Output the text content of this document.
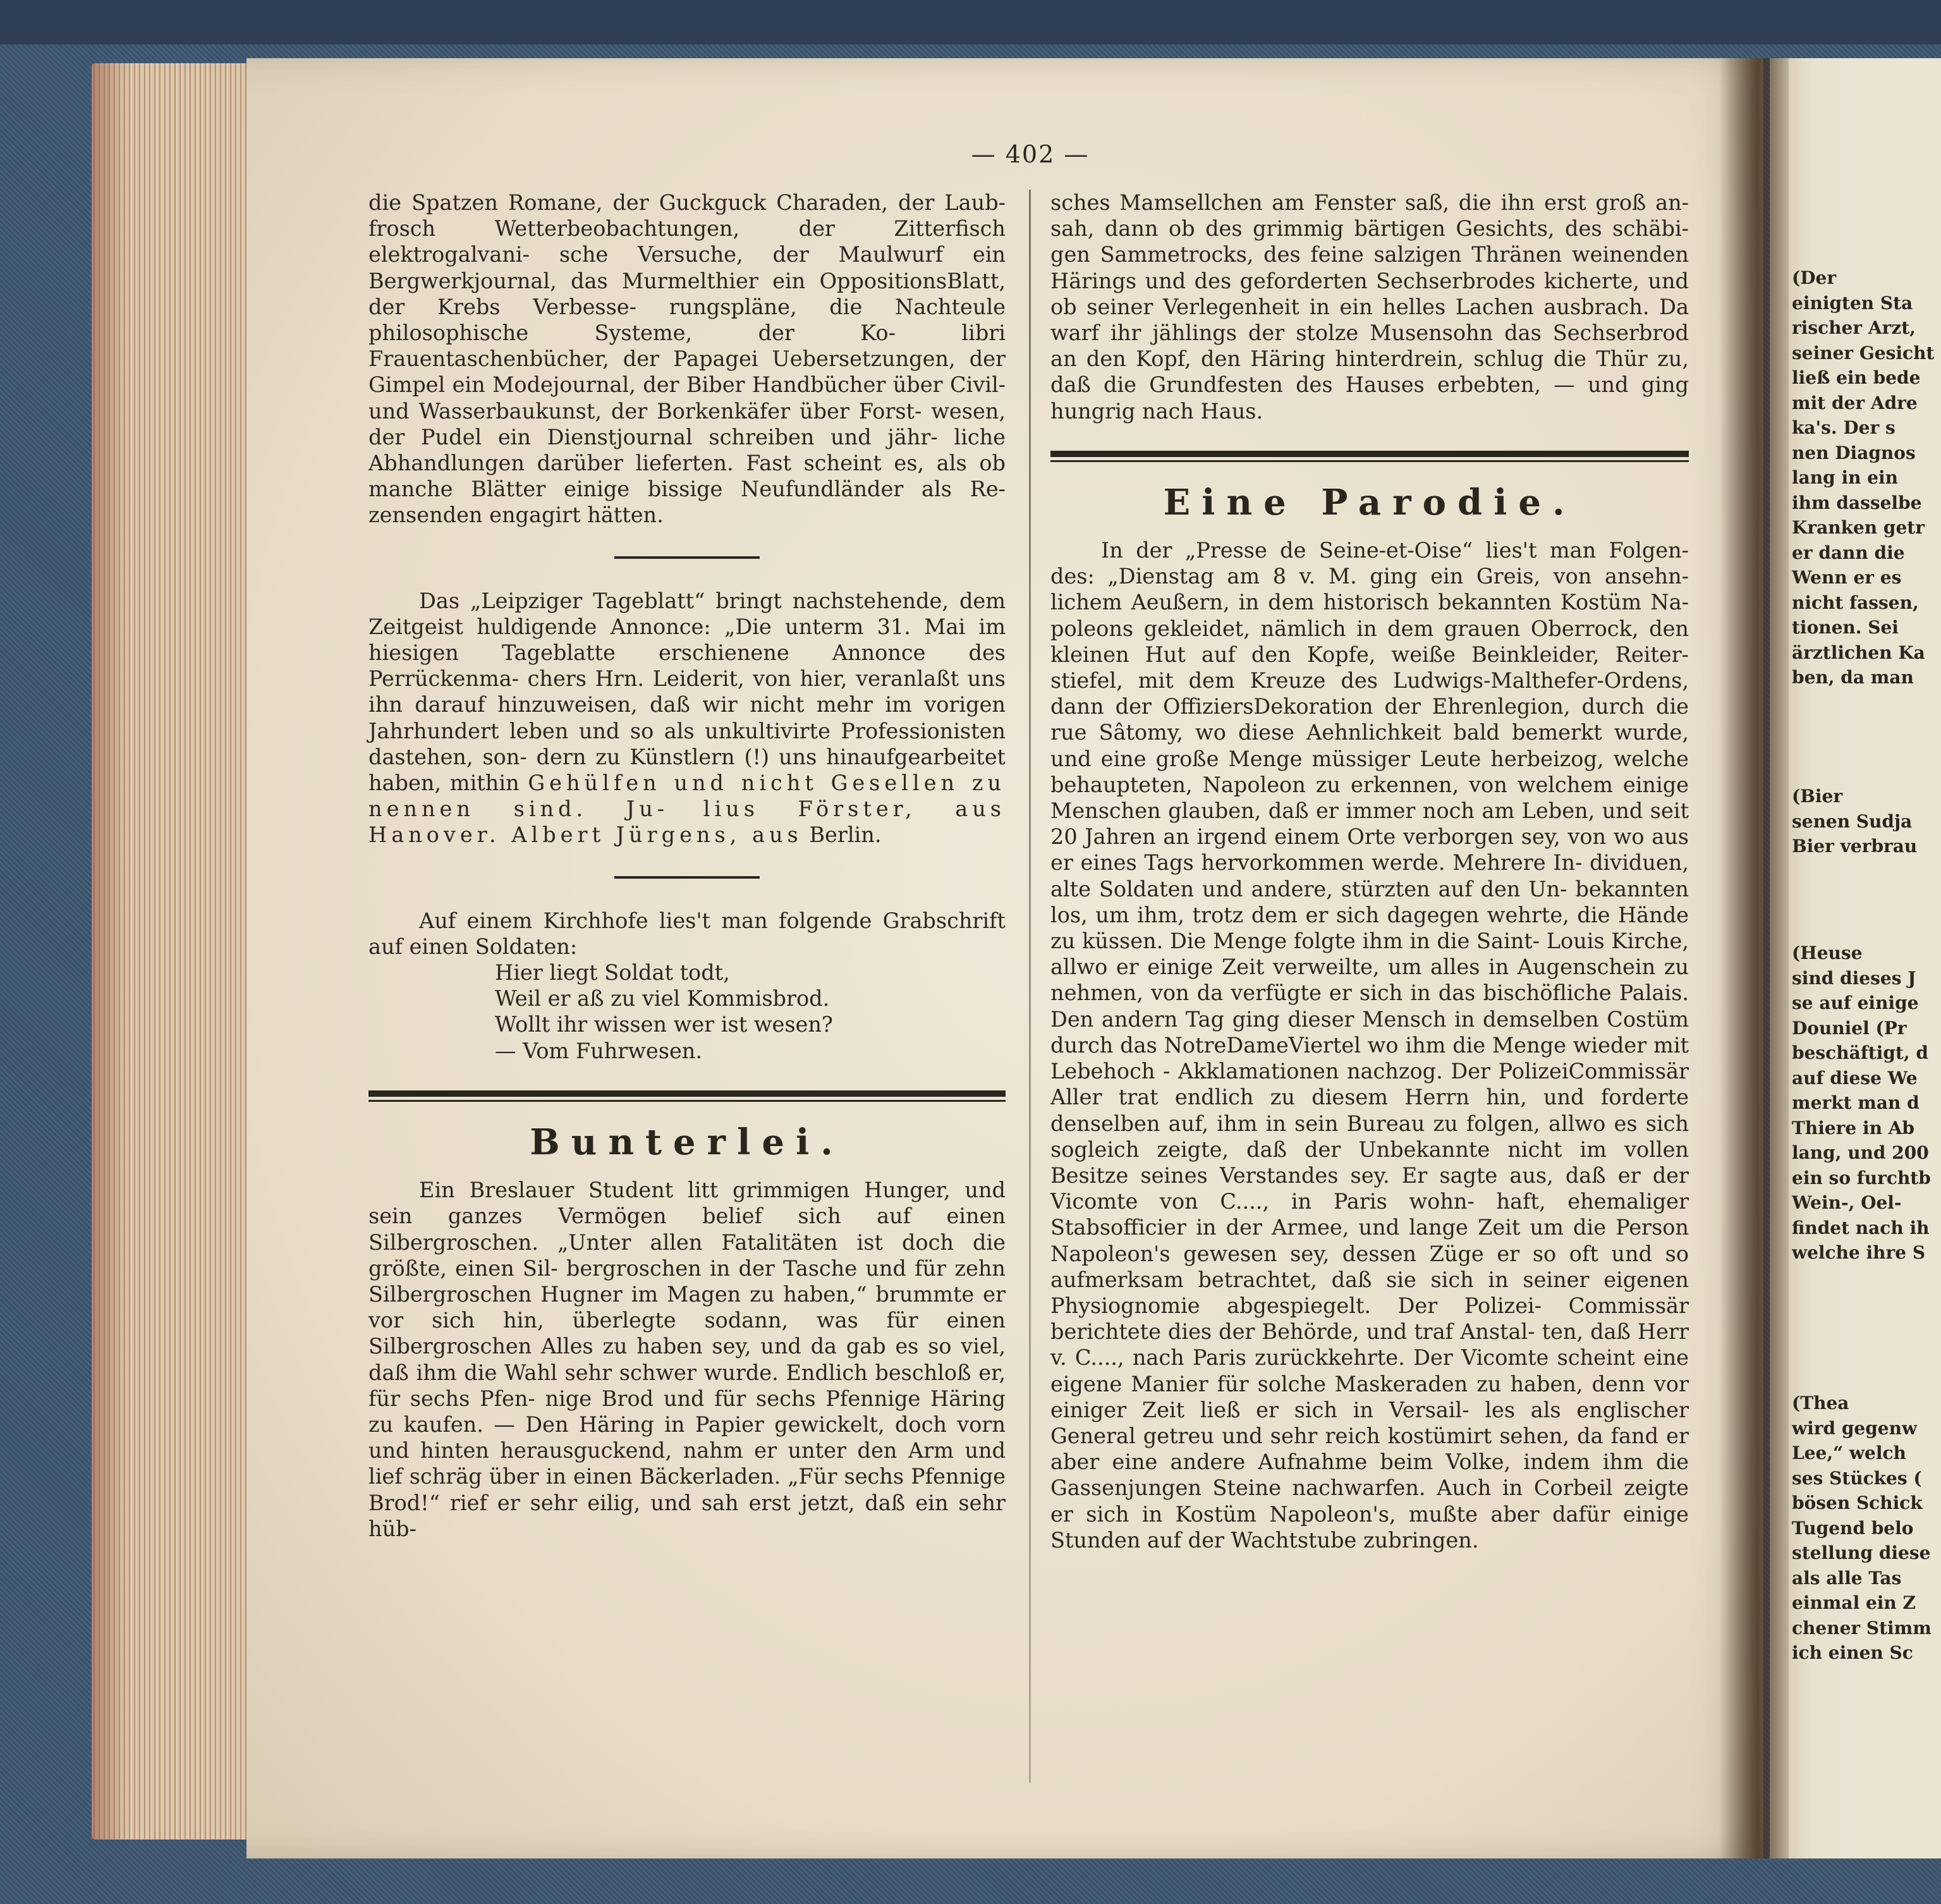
— 402 —

die Spatzen Romane, der Guckguck Charaden, der Laub- frosch Wetterbeobachtungen, der Zitterfisch elektrogalvani- sche Versuche, der Maulwurf ein Bergwerkjournal, das Murmelthier ein OppositionsBlatt, der Krebs Verbesse- rungspläne, die Nachteule philosophische Systeme, der Ko-	libri Frauentaschenbücher, der Papagei Uebersetzungen, der Gimpel ein Modejournal, der Biber Handbücher über Civil- und Wasserbaukunst, der Borkenkäfer über Forst- wesen, der Pudel ein Dienstjournal schreiben und jähr- liche Abhandlungen darüber lieferten. Fast scheint es, als ob manche Blätter einige bissige Neufundländer als Re- zensenden engagirt hätten.

Das „Leipziger Tageblatt“ bringt nachstehende, dem Zeitgeist huldigende Annonce: „Die unterm 31. Mai im hiesigen Tageblatte erschienene Annonce des Perrückenma- chers Hrn. Leiderit, von hier, veranlaßt uns ihn darauf hinzuweisen, daß wir nicht mehr im vorigen Jahrhundert leben und so als unkultivirte Professionisten dastehen, son- dern zu Künstlern (!) uns hinaufgearbeitet haben, mithin Gehülfen und nicht Gesellen zu nennen sind. Ju- lius Förster, aus Hanover. Albert Jürgens, aus Berlin.

Auf einem Kirchhofe lies't man folgende Grabschrift auf einen Soldaten:

Hier liegt Soldat todt,
Weil er aß zu viel Kommisbrod.
Wollt ihr wissen wer ist wesen?
— Vom Fuhrwesen.
Bunterlei.

Ein Breslauer Student litt grimmigen Hunger, und sein ganzes Vermögen belief sich auf einen Silbergroschen. „Unter allen Fatalitäten ist doch die größte, einen Sil- bergroschen in der Tasche und für zehn Silbergroschen Hugner im Magen zu haben,“ brummte er vor sich hin, überlegte sodann, was für einen Silbergroschen Alles zu haben sey, und da gab es so viel, daß ihm die Wahl sehr schwer wurde. Endlich beschloß er, für sechs Pfen- nige Brod und für sechs Pfennige Häring zu kaufen. — Den Häring in Papier gewickelt, doch vorn und hinten herausguckend, nahm er unter den Arm und lief schräg über in einen Bäckerladen. „Für sechs Pfennige Brod!“ rief er sehr eilig, und sah erst jetzt, daß ein sehr hüb-

sches Mamsellchen am Fenster saß, die ihn erst groß an- sah, dann ob des grimmig bärtigen Gesichts, des schäbi- gen Sammetrocks, des feine salzigen Thränen weinenden Härings und des geforderten Sechserbrodes kicherte, und ob seiner Verlegenheit in ein helles Lachen ausbrach. Da warf ihr jählings der stolze Musensohn das Sechserbrod an den Kopf, den Häring hinterdrein, schlug die Thür zu, daß die Grundfesten des Hauses erbebten, — und ging hungrig nach Haus.

Eine Parodie.

In der „Presse de Seine-et-Oise“ lies't man Folgen- des: „Dienstag am 8 v. M. ging ein Greis, von ansehn- lichem Aeußern, in dem historisch bekannten Kostüm Na- poleons gekleidet, nämlich in dem grauen Oberrock, den kleinen Hut auf den Kopfe, weiße Beinkleider, Reiter- stiefel, mit dem Kreuze des Ludwigs-Malthefer-Ordens, dann der OffiziersDekoration der Ehrenlegion, durch die rue Sâtomy, wo diese Aehnlichkeit bald bemerkt wurde, und eine große Menge müssiger Leute herbeizog, welche behaupteten, Napoleon zu erkennen, von welchem einige Menschen glauben, daß er immer noch am Leben, und seit 20 Jahren an irgend einem Orte verborgen sey, von wo aus er eines Tags hervorkommen werde. Mehrere In- dividuen, alte Soldaten und andere, stürzten auf den Un- bekannten los, um ihm, trotz dem er sich dagegen wehrte, die Hände zu küssen. Die Menge folgte ihm in die Saint- Louis Kirche, allwo er einige Zeit verweilte, um alles in Augenschein zu nehmen, von da verfügte er sich in das bischöfliche Palais. Den andern Tag ging dieser Mensch in demselben Costüm durch das NotreDameViertel wo ihm die Menge wieder mit Lebehoch - Akklamationen nachzog. Der PolizeiCommissär Aller trat endlich zu diesem Herrn hin, und forderte denselben auf, ihm in sein Bureau zu folgen, allwo es sich sogleich zeigte, daß der Unbekannte nicht im vollen Besitze seines Verstandes sey. Er sagte aus, daß er der Vicomte von C...., in Paris wohn- haft, ehemaliger Stabsofficier in der Armee, und lange Zeit um die Person Napoleon's gewesen sey, dessen Züge er so oft und so aufmerksam betrachtet, daß sie sich in seiner eigenen Physiognomie abgespiegelt. Der Polizei- Commissär berichtete dies der Behörde, und traf Anstal- ten, daß Herr v. C...., nach Paris zurückkehrte. Der Vicomte scheint eine eigene Manier für solche Maskeraden zu haben, denn vor einiger Zeit ließ er sich in Versail- les als englischer General getreu und sehr reich kostümirt sehen, da fand er aber eine andere Aufnahme beim Volke, indem ihm die Gassenjungen Steine nachwarfen. Auch in Corbeil zeigte er sich in Kostüm Napoleon's, mußte aber dafür einige Stunden auf der Wachtstube zubringen.

(Der
einigten Sta
rischer Arzt,
seiner Gesicht
ließ ein bede
mit der Adre
ka's. Der s
nen Diagnos
lang in ein
ihm dasselbe
Kranken getr
er dann die
Wenn er es
nicht fassen,
tionen. Sei
ärztlichen Ka
ben, da man
(Bier
senen Sudja
Bier verbrau
(Heuse
sind dieses J
se auf einige
Douniel (Pr
beschäftigt, d
auf diese We
merkt man d
Thiere in Ab
lang, und 200
ein so furchtb
Wein-, Oel-
findet nach ih
welche ihre S
(Thea
wird gegenw
Lee,“ welch
ses Stückes (
bösen Schick
Tugend belo
stellung diese
als alle Tas
einmal ein Z
chener Stimm
ich einen Sc
